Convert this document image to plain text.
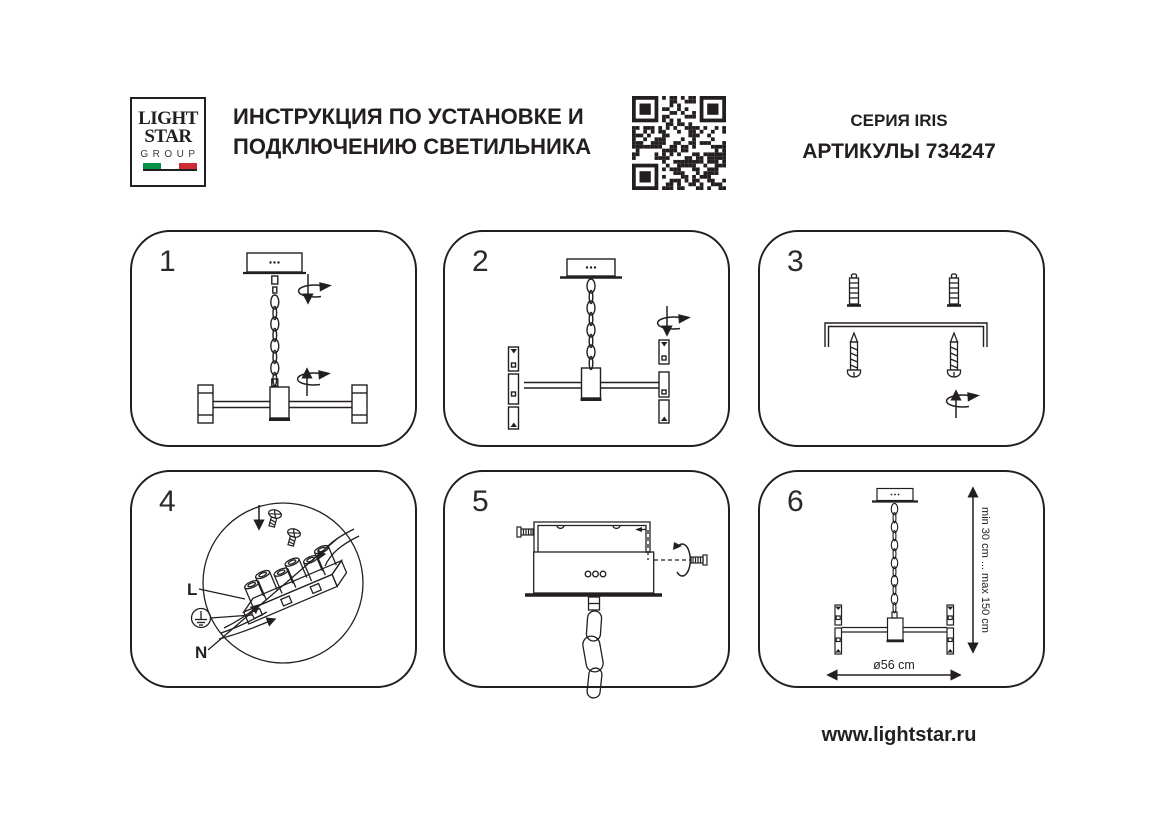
LIGHT
STAR
GROUP
ИНСТРУКЦИЯ ПО УСТАНОВКЕ И
ПОДКЛЮЧЕНИЮ СВЕТИЛЬНИКА
СЕРИЯ IRIS
АРТИКУЛЫ 734247
1	2	3
4
L
N
5	6
min 30 cm ... max 150 cm
ø56 cm
www.lightstar.ru
